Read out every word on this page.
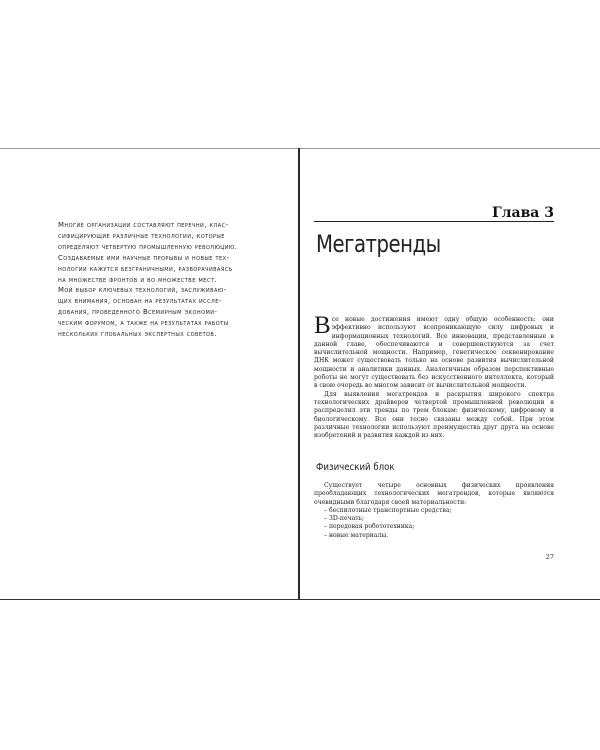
Многие организации составляют перечни, клас-
сифицирующие различные технологии, которые
определяют четвертую промышленную революцию.
Создаваемые ими научные прорывы и новые тех-
нологии кажутся безграничными, разворачиваясь
на множестве фронтов и во множестве мест.
Мой выбор ключевых технологий, заслуживаю-
щих внимания, основан на результатах иссле-
дования, проведенного Всемирным экономи-
ческим форумом, а также на результатах работы
нескольких глобальных экспертных советов.
Глава 3
Мегатренды

Все новые достижения имеют одну общую особенность: они эффективно используют всепроникающую силу цифровых и информационных технологий. Все инновации, представленные в данной главе, обеспечиваются и совершенствуются за счет вычислительной мощности. Например, генетическое секвенирование ДНК может существовать только на основе развития вычислительной мощности и аналитики данных. Аналогичным образом перспективные роботы не могут существовать без искусственного интеллекта, который в свою очередь во многом зависит от вычислительной мощности.

Для выявления мегатрендов и раскрытия широкого спектра технологических драйверов четвертой промышленной революции я распределил эти тренды по трем блокам: физическому, цифровому и биологическому. Все они тесно связаны между собой. При этом различные технологии используют преимущества друг друга на основе изобретений и развития каждой из них.

Физический блок

Существует четыре основных физических проявления преобладающих технологических мегатрендов, которые являются очевидными благодаря своей материальности:

– беспилотные транспортные средства;
– 3D-печать;
– передовая робототехника;
– новые материалы.
27
